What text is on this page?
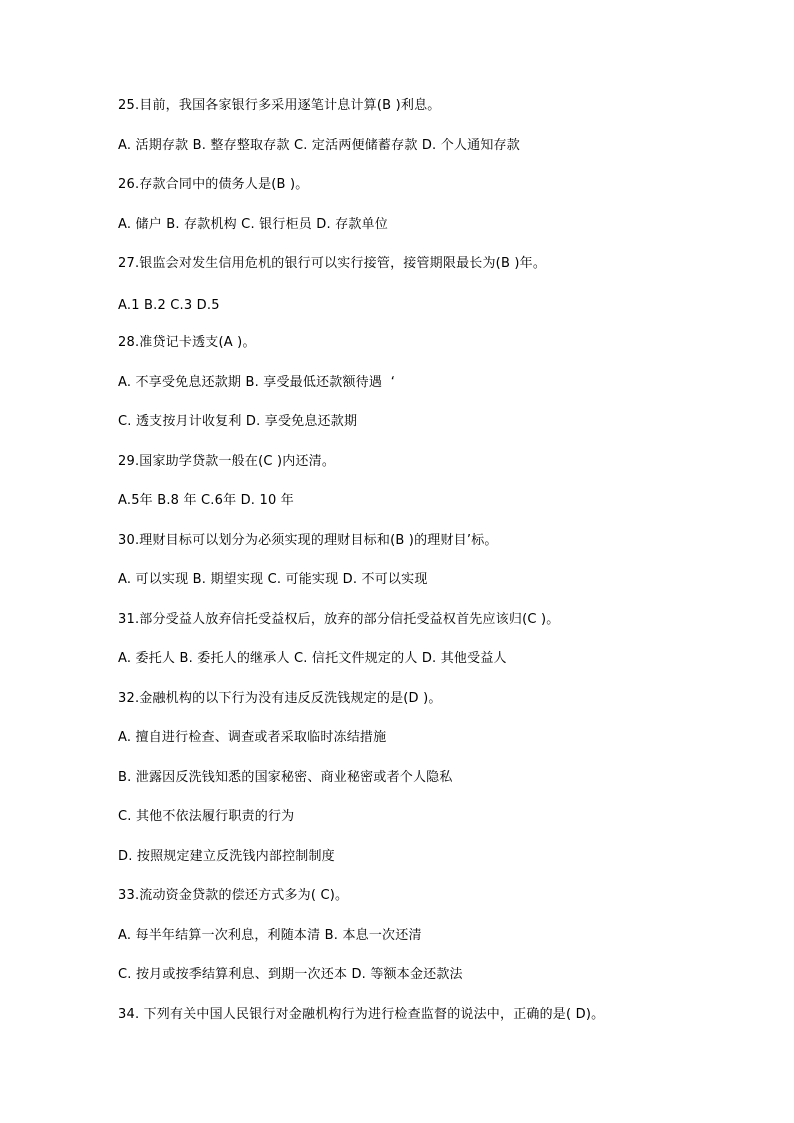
25.目前，我国各家银行多采用逐笔计息计算(B )利息。
A. 活期存款 B. 整存整取存款 C. 定活两便储蓄存款 D. 个人通知存款
26.存款合同中的债务人是(B )。
A. 储户 B. 存款机构 C. 银行柜员 D. 存款单位
27.银监会对发生信用危机的银行可以实行接管，接管期限最长为(B )年。
A.1 B.2 C.3 D.5
28.准贷记卡透支(A )。
A. 不享受免息还款期 B. 享受最低还款额待遇  ‘
C. 透支按月计收复利 D. 享受免息还款期
29.国家助学贷款一般在(C )内还清。
A.5年 B.8 年 C.6年 D. 10 年
30.理财目标可以划分为必须实现的理财目标和(B )的理财目’标。
A. 可以实现 B. 期望实现 C. 可能实现 D. 不可以实现
31.部分受益人放弃信托受益权后，放弃的部分信托受益权首先应该归(C )。
A. 委托人 B. 委托人的继承人 C. 信托文件规定的人 D. 其他受益人
32.金融机构的以下行为没有违反反洗钱规定的是(D )。
A. 擅自进行检查、调查或者采取临时冻结措施
B. 泄露因反洗钱知悉的国家秘密、商业秘密或者个人隐私
C. 其他不依法履行职责的行为
D. 按照规定建立反洗钱内部控制制度
33.流动资金贷款的偿还方式多为( C)。
A. 每半年结算一次利息，利随本清 B. 本息一次还清
C. 按月或按季结算利息、到期一次还本 D. 等额本金还款法
34. 下列有关中国人民银行对金融机构行为进行检查监督的说法中，正确的是( D)。
